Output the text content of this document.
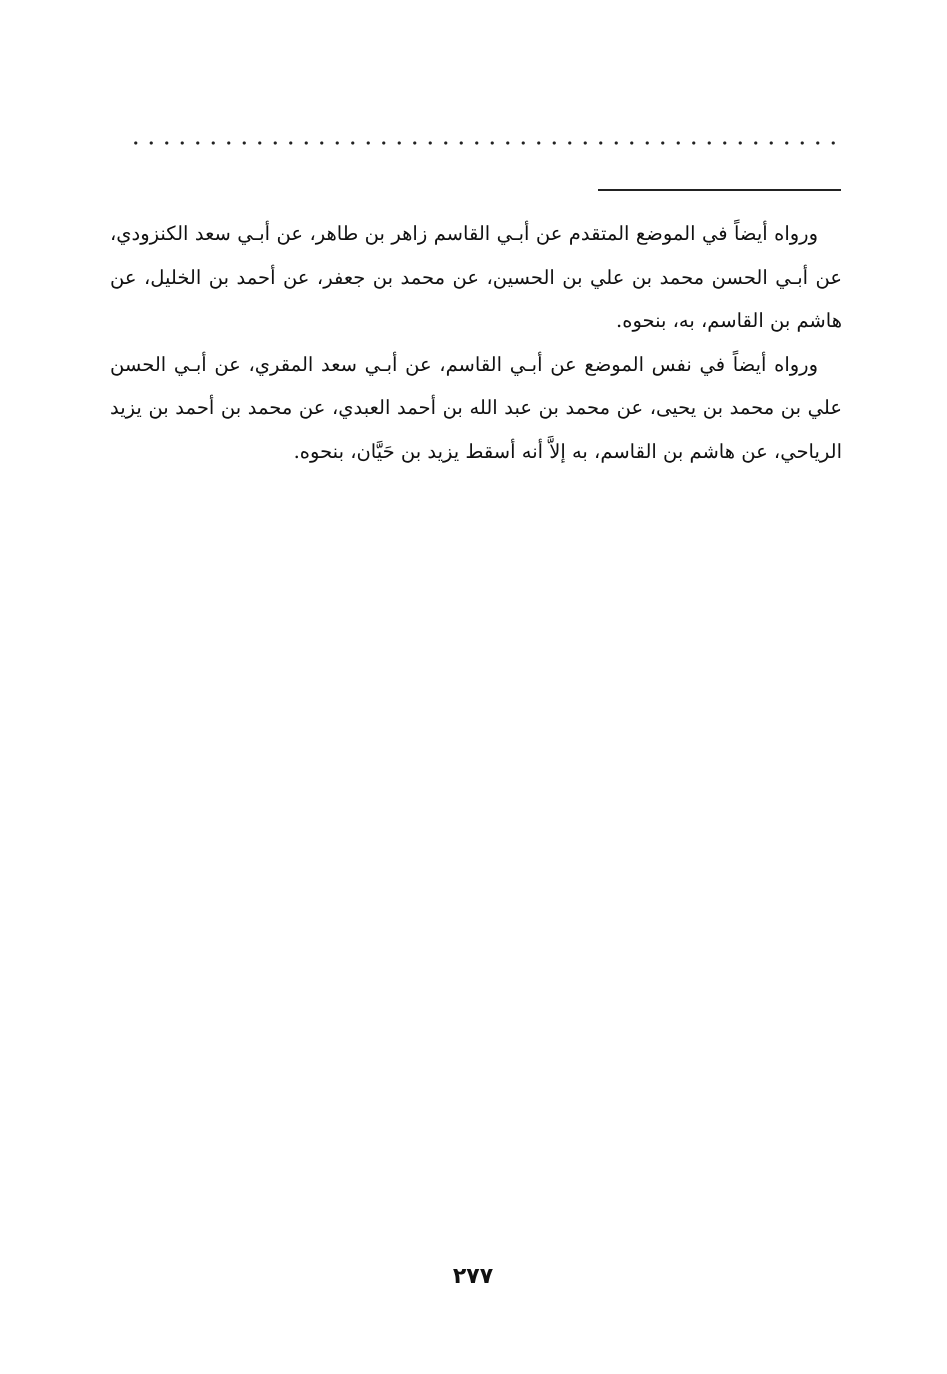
ورواه أيضاً في الموضع المتقدم عن أبـي القاسم زاهر بن طاهر، عن أبـي سعد الكنزودي، عن أبـي الحسن محمد بن علي بن الحسين، عن محمد بن جعفر، عن أحمد بن الخليل، عن هاشم بن القاسم، به، بنحوه.

ورواه أيضاً في نفس الموضع عن أبـي القاسم، عن أبـي سعد المقري، عن أبـي الحسن علي بن محمد بن يحيى، عن محمد بن عبد الله بن أحمد العبدي، عن محمد بن أحمد بن يزيد الرياحي، عن هاشم بن القاسم، به إلاَّ أنه أسقط يزيد بن حَيَّان، بنحوه.

٢٧٧
